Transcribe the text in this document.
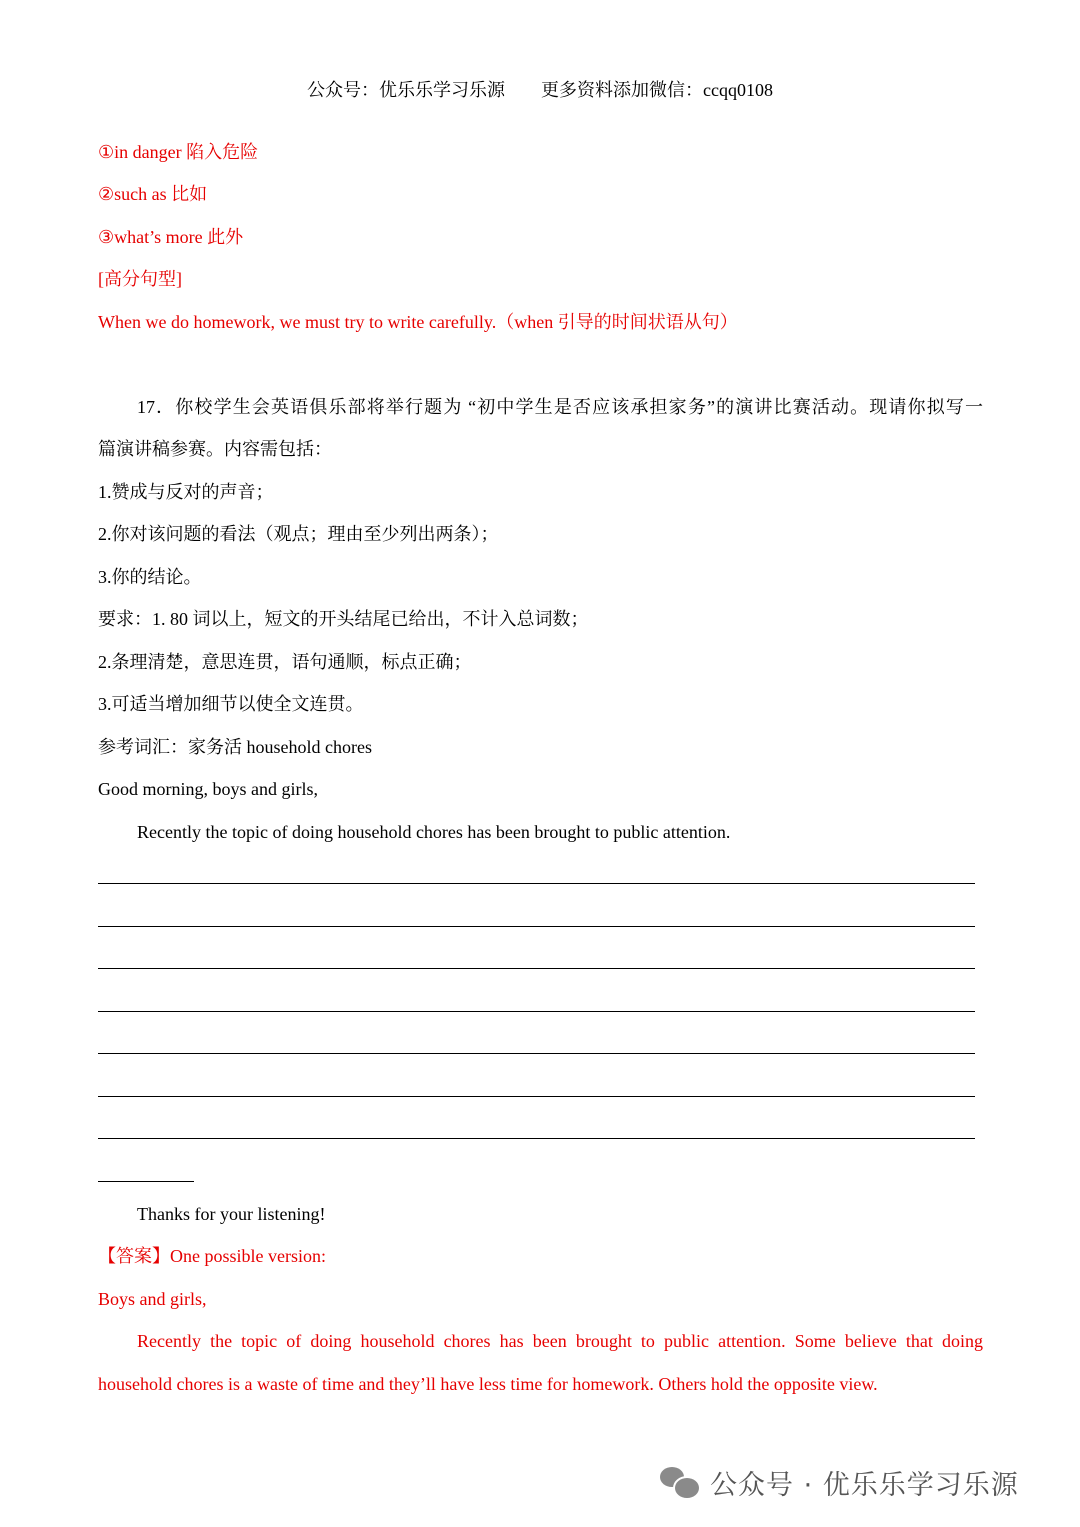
公众号：优乐乐学习乐源 更多资料添加微信：ccqq0108
①in danger 陷入危险
②such as 比如
③what’s more 此外
[高分句型]
When we do homework, we must try to write carefully.（when 引导的时间状语从句）
17．你校学生会英语俱乐部将举行题为 “初中学生是否应该承担家务”的演讲比赛活动。现请你拟写一
篇演讲稿参赛。内容需包括：
1.赞成与反对的声音；
2.你对该问题的看法（观点；理由至少列出两条）；
3.你的结论。
要求：1. 80 词以上，短文的开头结尾已给出，不计入总词数；
2.条理清楚，意思连贯，语句通顺，标点正确；
3.可适当增加细节以使全文连贯。
参考词汇：家务活 household chores
Good morning, boys and girls,
Recently the topic of doing household chores has been brought to public attention.
Thanks for your listening!
【答案】One possible version:
Boys and girls,
Recently the topic of doing household chores has been brought to public attention. Some believe that doing
household chores is a waste of time and they’ll have less time for homework. Others hold the opposite view.
公众号 · 优乐乐学习乐源
